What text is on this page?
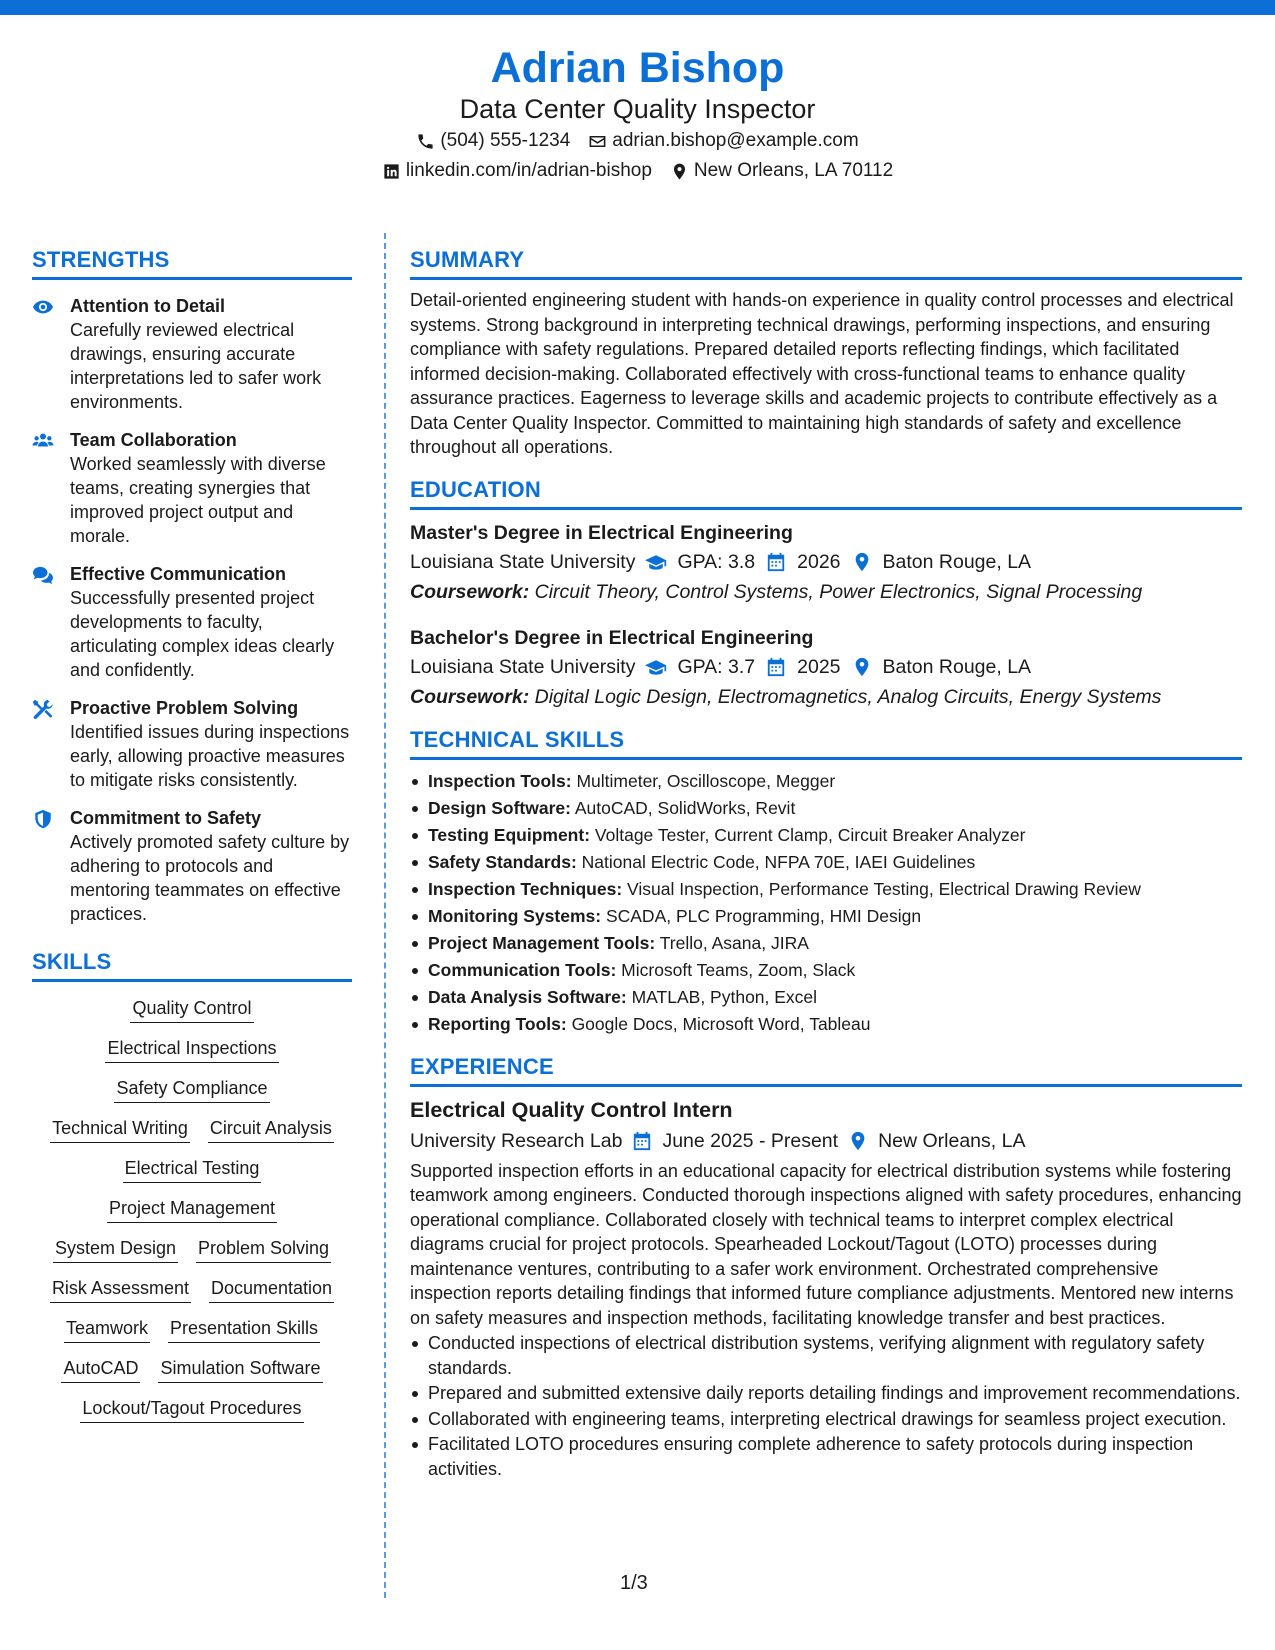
Adrian Bishop
Data Center Quality Inspector
(504) 555-1234 adrian.bishop@example.com
linkedin.com/in/adrian-bishop New Orleans, LA 70112
STRENGTHS
Attention to Detail
Carefully reviewed electrical drawings, ensuring accurate interpretations led to safer work environments.
Team Collaboration
Worked seamlessly with diverse teams, creating synergies that improved project output and morale.
Effective Communication
Successfully presented project developments to faculty, articulating complex ideas clearly and confidently.
Proactive Problem Solving
Identified issues during inspections early, allowing proactive measures to mitigate risks consistently.
Commitment to Safety
Actively promoted safety culture by adhering to protocols and mentoring teammates on effective practices.
SKILLS
Quality Control
Electrical Inspections
Safety Compliance
Technical Writing Circuit Analysis
Electrical Testing
Project Management
System Design Problem Solving
Risk Assessment Documentation
Teamwork Presentation Skills
AutoCAD Simulation Software
Lockout/Tagout Procedures
SUMMARY
Detail-oriented engineering student with hands-on experience in quality control processes and electrical systems. Strong background in interpreting technical drawings, performing inspections, and ensuring compliance with safety regulations. Prepared detailed reports reflecting findings, which facilitated informed decision-making. Collaborated effectively with cross-functional teams to enhance quality assurance practices. Eagerness to leverage skills and academic projects to contribute effectively as a Data Center Quality Inspector. Committed to maintaining high standards of safety and excellence throughout all operations.
EDUCATION
Master's Degree in Electrical Engineering
Louisiana State University GPA: 3.8 2026 Baton Rouge, LA
Coursework: Circuit Theory, Control Systems, Power Electronics, Signal Processing
Bachelor's Degree in Electrical Engineering
Louisiana State University GPA: 3.7 2025 Baton Rouge, LA
Coursework: Digital Logic Design, Electromagnetics, Analog Circuits, Energy Systems
TECHNICAL SKILLS
Inspection Tools: Multimeter, Oscilloscope, Megger
Design Software: AutoCAD, SolidWorks, Revit
Testing Equipment: Voltage Tester, Current Clamp, Circuit Breaker Analyzer
Safety Standards: National Electric Code, NFPA 70E, IAEI Guidelines
Inspection Techniques: Visual Inspection, Performance Testing, Electrical Drawing Review
Monitoring Systems: SCADA, PLC Programming, HMI Design
Project Management Tools: Trello, Asana, JIRA
Communication Tools: Microsoft Teams, Zoom, Slack
Data Analysis Software: MATLAB, Python, Excel
Reporting Tools: Google Docs, Microsoft Word, Tableau
EXPERIENCE
Electrical Quality Control Intern
University Research Lab June 2025 - Present New Orleans, LA
Supported inspection efforts in an educational capacity for electrical distribution systems while fostering teamwork among engineers. Conducted thorough inspections aligned with safety procedures, enhancing operational compliance. Collaborated closely with technical teams to interpret complex electrical diagrams crucial for project protocols. Spearheaded Lockout/Tagout (LOTO) processes during maintenance ventures, contributing to a safer work environment. Orchestrated comprehensive inspection reports detailing findings that informed future compliance adjustments. Mentored new interns on safety measures and inspection methods, facilitating knowledge transfer and best practices.
Conducted inspections of electrical distribution systems, verifying alignment with regulatory safety standards.
Prepared and submitted extensive daily reports detailing findings and improvement recommendations.
Collaborated with engineering teams, interpreting electrical drawings for seamless project execution.
Facilitated LOTO procedures ensuring complete adherence to safety protocols during inspection activities.
1/3
